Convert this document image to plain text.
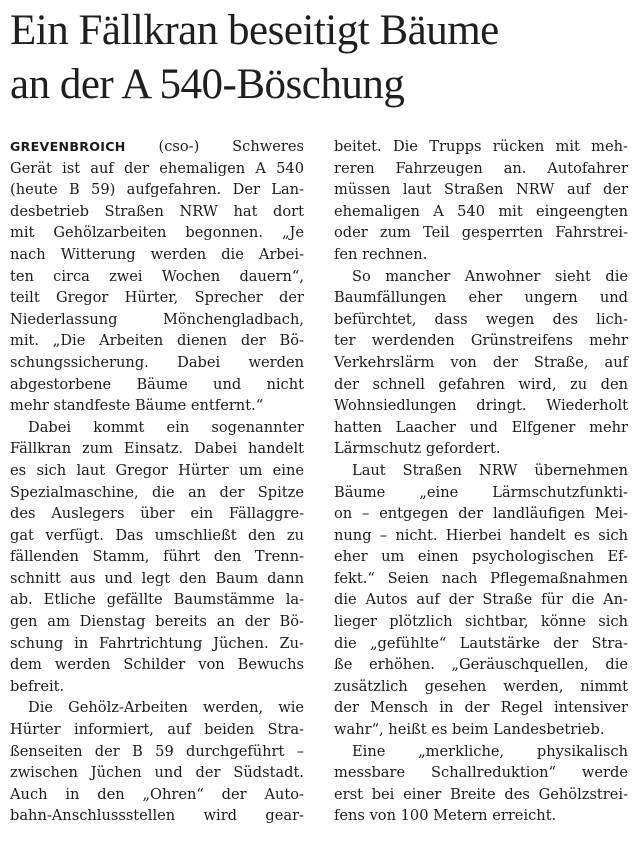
Ein Fällkran beseitigt Bäume
an der A 540-Böschung
GREVENBROICH (cso-) Schweres
Gerät ist auf der ehemaligen A 540
(heute B 59) aufgefahren. Der Lan-
desbetrieb Straßen NRW hat dort
mit Gehölzarbeiten begonnen. „Je
nach Witterung werden die Arbei-
ten circa zwei Wochen dauern“,
teilt Gregor Hürter, Sprecher der
Niederlassung Mönchengladbach,
mit. „Die Arbeiten dienen der Bö-
schungssicherung. Dabei werden
abgestorbene Bäume und nicht
mehr standfeste Bäume entfernt.“
Dabei kommt ein sogenannter
Fällkran zum Einsatz. Dabei handelt
es sich laut Gregor Hürter um eine
Spezialmaschine, die an der Spitze
des Auslegers über ein Fällaggre-
gat verfügt. Das umschließt den zu
fällenden Stamm, führt den Trenn-
schnitt aus und legt den Baum dann
ab. Etliche gefällte Baumstämme la-
gen am Dienstag bereits an der Bö-
schung in Fahrtrichtung Jüchen. Zu-
dem werden Schilder von Bewuchs
befreit.
Die Gehölz-Arbeiten werden, wie
Hürter informiert, auf beiden Stra-
ßenseiten der B 59 durchgeführt –
zwischen Jüchen und der Südstadt.
Auch in den „Ohren“ der Auto-
bahn-Anschlussstellen wird gear-
beitet. Die Trupps rücken mit meh-
reren Fahrzeugen an. Autofahrer
müssen laut Straßen NRW auf der
ehemaligen A 540 mit eingeengten
oder zum Teil gesperrten Fahrstrei-
fen rechnen.
So mancher Anwohner sieht die
Baumfällungen eher ungern und
befürchtet, dass wegen des lich-
ter werdenden Grünstreifens mehr
Verkehrslärm von der Straße, auf
der schnell gefahren wird, zu den
Wohnsiedlungen dringt. Wiederholt
hatten Laacher und Elfgener mehr
Lärmschutz gefordert.
Laut Straßen NRW übernehmen
Bäume „eine Lärmschutzfunkti-
on – entgegen der landläufigen Mei-
nung – nicht. Hierbei handelt es sich
eher um einen psychologischen Ef-
fekt.“ Seien nach Pflegemaßnahmen
die Autos auf der Straße für die An-
lieger plötzlich sichtbar, könne sich
die „gefühlte“ Lautstärke der Stra-
ße erhöhen. „Geräuschquellen, die
zusätzlich gesehen werden, nimmt
der Mensch in der Regel intensiver
wahr“, heißt es beim Landesbetrieb.
Eine „merkliche, physikalisch
messbare Schallreduktion“ werde
erst bei einer Breite des Gehölzstrei-
fens von 100 Metern erreicht.
